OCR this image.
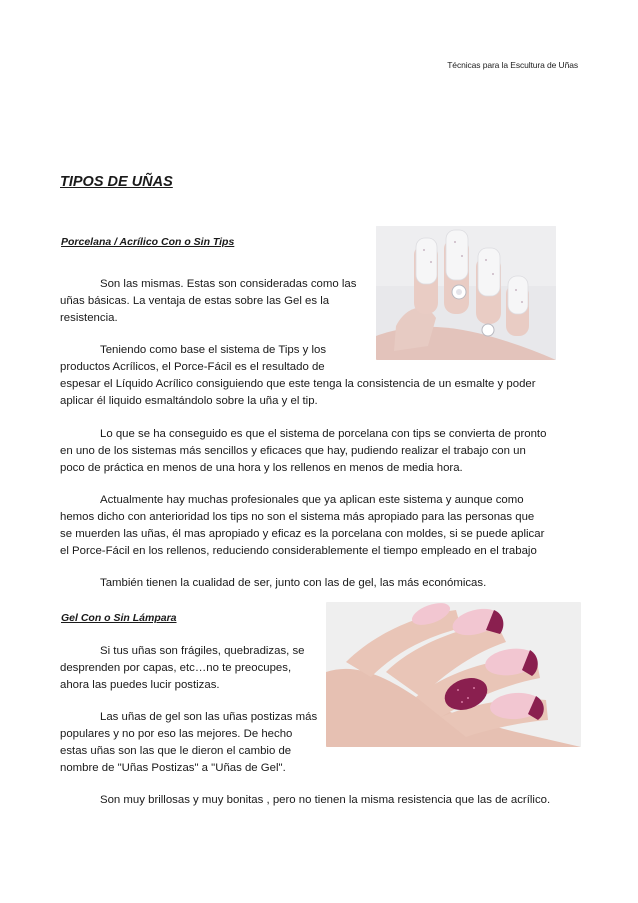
Técnicas para la Escultura de Uñas
TIPOS DE UÑAS
Porcelana / Acrílico Con o Sin Tips
Son las mismas. Estas son consideradas como las
uñas básicas. La ventaja de estas sobre las Gel es la
resistencia.
Teniendo como base el sistema de Tips y los
productos Acrílicos, el Porce-Fácil es el resultado de
espesar el Líquido Acrílico consiguiendo que este tenga la consistencia de un esmalte y poder
aplicar él liquido esmaltándolo sobre la uña y el tip.
Lo que se ha conseguido es que el sistema de porcelana con tips se convierta de pronto
en uno de los sistemas más sencillos y eficaces que hay, pudiendo realizar el trabajo con un
poco de práctica en menos de una hora y los rellenos en menos de media hora.
Actualmente hay muchas profesionales que ya aplican este sistema y aunque como
hemos dicho con anterioridad los tips no son el sistema más apropiado para las personas que
se muerden las uñas, él mas apropiado y eficaz es la porcelana con moldes, si se puede aplicar
el Porce-Fácil en los rellenos, reduciendo considerablemente el tiempo empleado en el trabajo
También tienen la cualidad de ser, junto con las de gel, las más económicas.
Gel Con o Sin Lámpara
Si tus uñas son frágiles, quebradizas, se
desprenden por capas, etc…no te preocupes,
ahora las puedes lucir postizas.
Las uñas de gel son las uñas postizas más
populares y no por eso las mejores. De hecho
estas uñas son las que le dieron el cambio de
nombre de "Uñas Postizas" a "Uñas de Gel".
Son muy brillosas y muy bonitas , pero no tienen la misma resistencia que las de acrílico.
